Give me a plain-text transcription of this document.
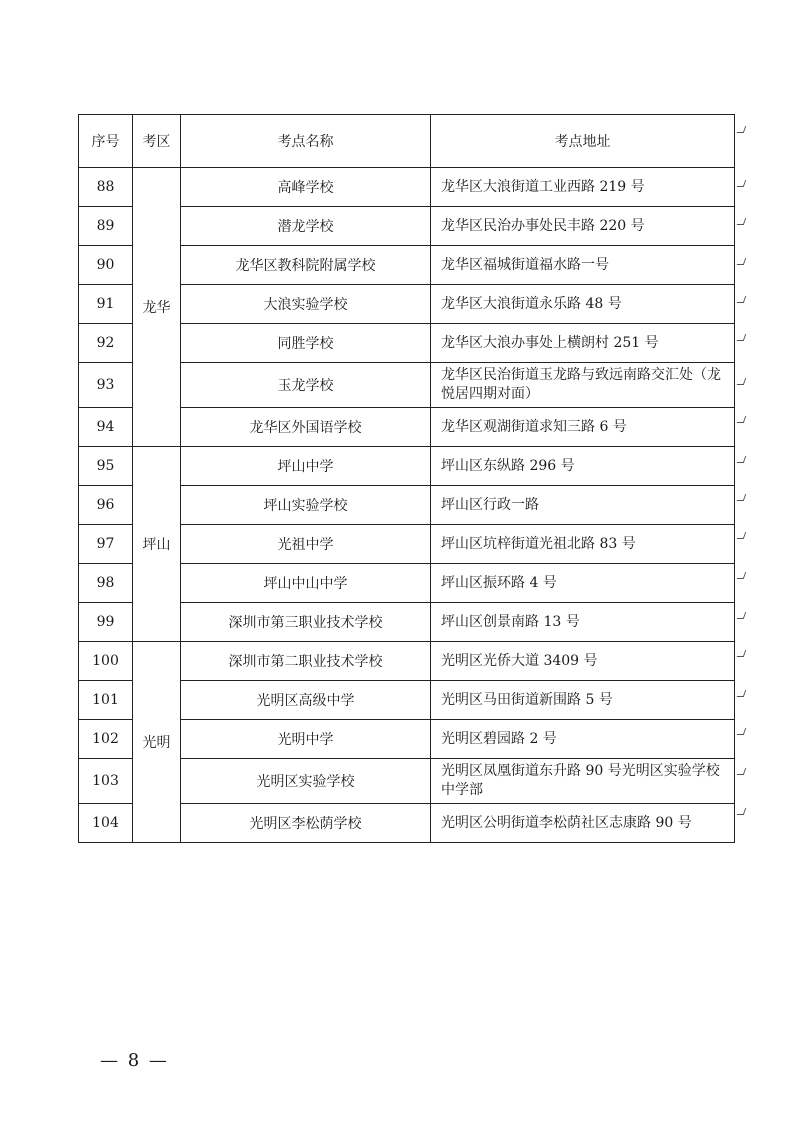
序号	考区	考点名称	考点地址
88	龙华	高峰学校	龙华区大浪街道工业西路 219 号
89		潜龙学校	龙华区民治办事处民丰路 220 号
90		龙华区教科院附属学校	龙华区福城街道福水路一号
91		大浪实验学校	龙华区大浪街道永乐路 48 号
92		同胜学校	龙华区大浪办事处上横朗村 251 号
93		玉龙学校	龙华区民治街道玉龙路与致远南路交汇处（龙悦居四期对面）
94		龙华区外国语学校	龙华区观湖街道求知三路 6 号
95	坪山	坪山中学	坪山区东纵路 296 号
96		坪山实验学校	坪山区行政一路
97		光祖中学	坪山区坑梓街道光祖北路 83 号
98		坪山中山中学	坪山区振环路 4 号
99		深圳市第三职业技术学校	坪山区创景南路 13 号
100	光明	深圳市第二职业技术学校	光明区光侨大道 3409 号
101		光明区高级中学	光明区马田街道新围路 5 号
102		光明中学	光明区碧园路 2 号
103		光明区实验学校	光明区凤凰街道东升路 90 号光明区实验学校中学部
104		光明区李松荫学校	光明区公明街道李松荫社区志康路 90 号
— 8 —
